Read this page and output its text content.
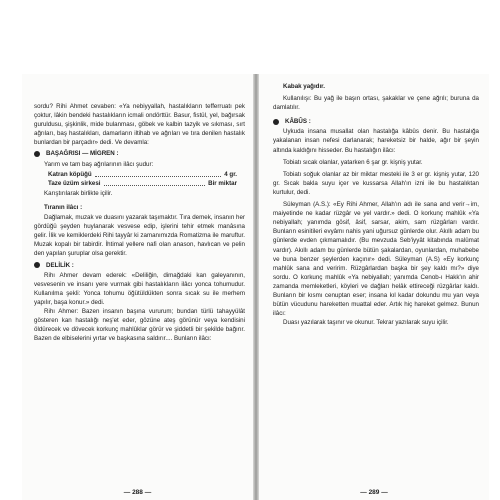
sordu? Rihi Ahmet cevaben: «Ya nebiyyallah, hastalıkların tefferruatı pek çoktur, lâkin bendeki hastalıkların icmali ondörttür. Basur, fistül, yel, bağırsak guruldusu, şişkinlik, mide bulanması, göbek ve kalbin tazyik ve sıkması, sırt ağrıları, baş hastalıkları, damarların iltihab ve ağrıları ve tıra denilen hastalık bunlardan bir parçadır» dedi. Ve devamla:

BAŞAĞRISI — MİGREN :

Yarım ve tam baş ağrılarının ilâcı şudur:

Katran köpüğü	4 gr.
Taze üzüm sirkesi	Bir miktar

Karıştırılarak birlikte içilir.

Tıranın ilâcı :

Dağlamak, muzak ve duasını yazarak taşımaktır. Tıra demek, insanın her gördüğü şeyden huylanarak vesvese edip, işlerini tehir etmek manâsına gelir. İlik ve kemiklerdeki Rihi tayyâr ki zamanımızda Romatizma ile maruftur. Muzak kopalı bir tabirdir. İhtimal yellere nafi olan anason, havlıcan ve pelin den yapılan şuruplar olsa gerektir.

DELİLİK :

Rihı Ahmer devam ederek: «Deliliğin, dimağdaki kan galeyanının, vesvesenin ve insanı yere vurmak gibi hastalıkların ilâcı yonca tohumudur. Kullanılma şekli: Yonca tohumu öğütüldükten sonra sıcak su ile merhem yapılır, başa konur.» dedi.

Rihı Ahmer: Bazen insanın başına vururum; bundan türlü tahayyülât gösteren kan hastalığı neş'et eder, gözüne ateş görünür veya kendisini öldürecek ve dövecek korkunç mahlûklar görür ve şiddetli bir şekilde bağırır. Bazen de elbiselerini yırtar ve başkasına saldırır.... Bunların ilâcı:

— 288 —

Kabak yağıdır.

Kullanılışı: Bu yağ ile başın ortası, şakaklar ve çene ağrılı; buruna da damlatılır.

KÂBÛS :

Uykuda insana musallat olan hastalığa kâbûs denir. Bu hastalığa yakalanan insan nefesi darlanarak; hareketsiz bir halde, ağır bir şeyin altında kaldığını hisseder. Bu hastalığın ilâcı:

Tobiatı sıcak olanlar, yatarken 6 şar gr. kişniş yutar.

Tobiatı soğuk olanlar az bir miktar mesteki ile 3 er gr. kişniş yutar, 120 gr. Sıcak bakla suyu içer ve kussarsa Allah'ın izni ile bu hastalıktan kurtulur, dedi.

Süleyman (A.S.): «Ey Rihi Ahmer, Allah'ın adı ile sana and verir→im, maiyetinde ne kadar rüzgâr ve yel vardır.» dedi. O korkunç mahlûk «Ya nebiyallah; yanımda gösif, âsif, sarsar, akim, sam rüzgârları vardır. Bunların esinitileri evyâmı nahis yani uğursuz günlerde olur. Akıllı adam bu günlerde evden çıkmamalıdır. (Bu mevzuda Seb'iyyât kitabında malûmat vardır). Akıllı adam bu günlerde bütün şakalardan, oyunlardan, muhabebe ve buna benzer şeylerden kaçınır» dedi. Süleyman (A.S) «Ey korkunç mahlûk sana and veririm. Rüzgârlardan başka bir şey kaldı mı?» diye sordu. O korkunç mahlûk «Ya nebiyallah; yanımda Cenob-ı Hakk'ın ahir zamanda memleketleri, köyleri ve dağları helâk ettireceği rüzgârlar kaldı. Bunların bir kısmı cenuptan eser; insana kıl kadar dokundu mu yarı veya bütün vücudunu hareketten muattal eder. Artık hiç hareket gelmez. Bunun ilâcı:

Duası yazılarak taşınır ve okunur. Tekrar yazılarak suyu içilir.

— 289 —
